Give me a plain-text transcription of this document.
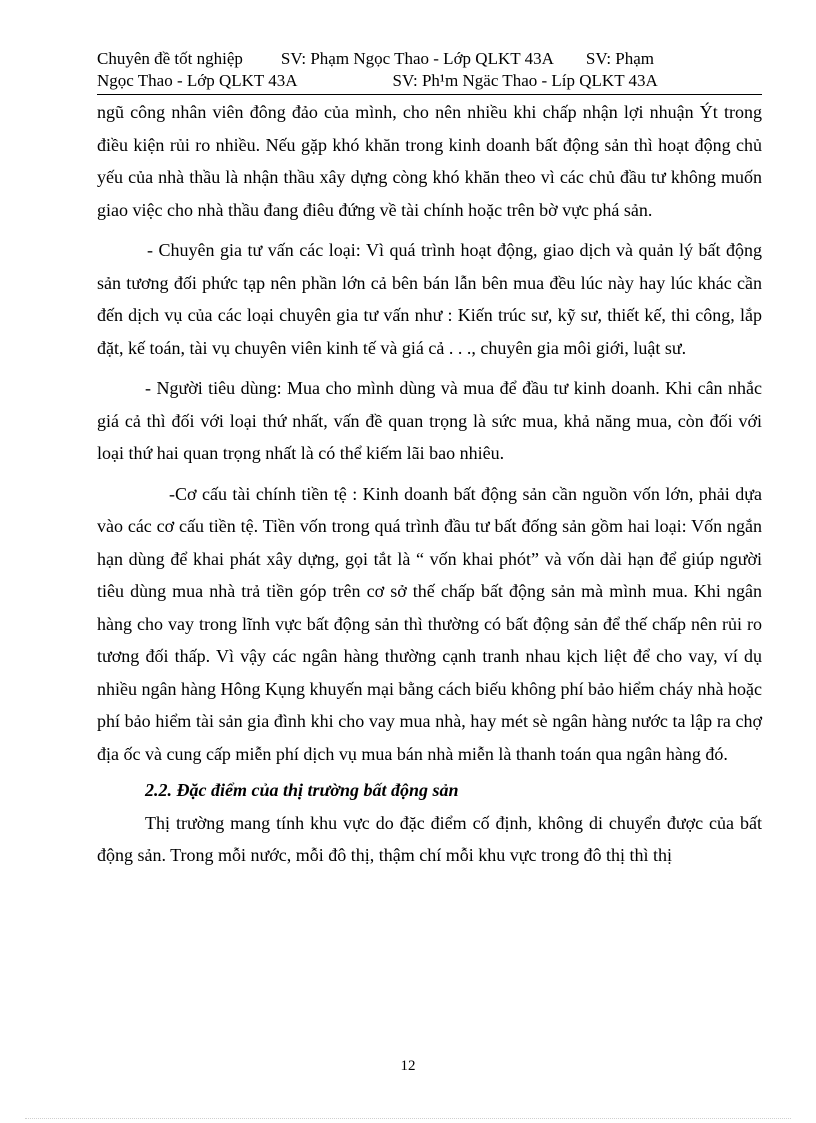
Chuyên đề tốt nghiệp SV: Phạm Ngọc Thao - Lớp QLKT 43A SV: Phạm
Ngọc Thao - Lớp QLKT 43A	SV: Ph¹m Ngäc Thao - Líp QLKT 43A

ngũ công nhân viên đông đảo của mình, cho nên nhiều khi chấp nhận lợi nhuận Ýt trong điều kiện rủi ro nhiều. Nếu gặp khó khăn trong kinh doanh bất động sản thì hoạt động chủ yếu của nhà thầu là nhận thầu xây dựng còng khó khăn theo vì các chủ đầu tư không muốn giao việc cho nhà thầu đang điêu đứng về tài chính hoặc trên bờ vực phá sản.

- Chuyên gia tư vấn các loại: Vì quá trình hoạt động, giao dịch và quản lý bất động sản tương đối phức tạp nên phần lớn cả bên bán lẫn bên mua đều lúc này hay lúc khác cần đến dịch vụ của các loại chuyên gia tư vấn như : Kiến trúc sư, kỹ sư, thiết kế, thi công, lắp đặt, kế toán, tài vụ chuyên viên kinh tế và giá cả . . ., chuyên gia môi giới, luật sư.

- Người tiêu dùng: Mua cho mình dùng và mua để đầu tư kinh doanh. Khi cân nhắc giá cả thì đối với loại thứ nhất, vấn đề quan trọng là sức mua, khả năng mua, còn đối với loại thứ hai quan trọng nhất là có thể kiếm lãi bao nhiêu.

-Cơ cấu tài chính tiền tệ : Kinh doanh bất động sản cần nguồn vốn lớn, phải dựa vào các cơ cấu tiền tệ. Tiền vốn trong quá trình đầu tư bất đống sản gồm hai loại: Vốn ngắn hạn dùng để khai phát xây dựng, gọi tắt là “ vốn khai phót” và vốn dài hạn để giúp người tiêu dùng mua nhà trả tiền góp trên cơ sở thế chấp bất động sản mà mình mua. Khi ngân hàng cho vay trong lĩnh vực bất động sản thì thường có bất động sản để thế chấp nên rủi ro tương đối thấp. Vì vậy các ngân hàng thường cạnh tranh nhau kịch liệt để cho vay, ví dụ nhiều ngân hàng Hông Kụng khuyến mại bằng cách biếu không phí bảo hiểm cháy nhà hoặc phí bảo hiểm tài sản gia đình khi cho vay mua nhà, hay mét sè ngân hàng nước ta lập ra chợ địa ốc và cung cấp miễn phí dịch vụ mua bán nhà miễn là thanh toán qua ngân hàng đó.

2.2. Đặc điểm của thị trường bất động sản

Thị trường mang tính khu vực do đặc điểm cố định, không di chuyển được của bất động sản. Trong mỗi nước, mỗi đô thị, thậm chí mỗi khu vực trong đô thị thì thị

12
